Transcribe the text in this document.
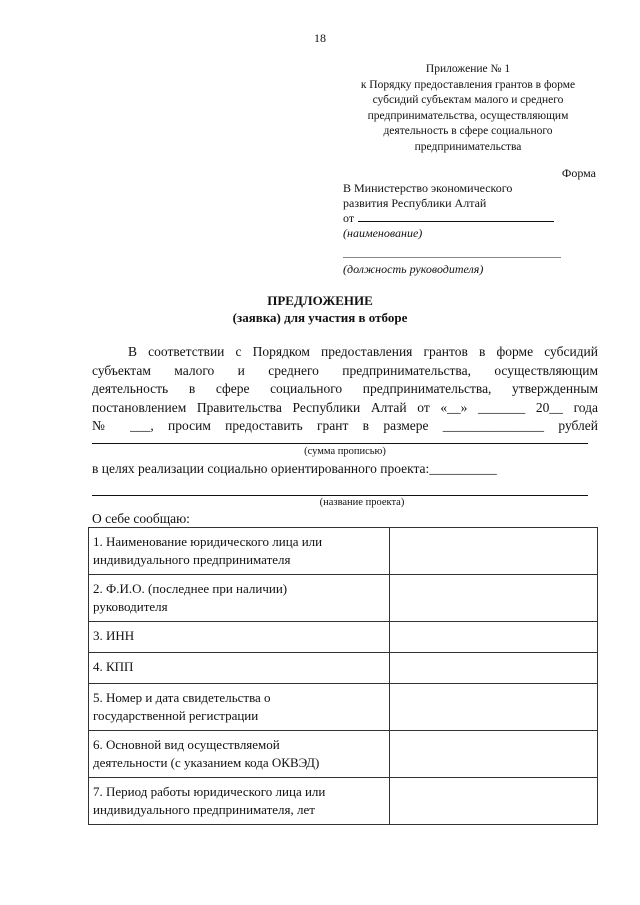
18
Приложение № 1
к Порядку предоставления грантов в форме
субсидий субъектам малого и среднего
предпринимательства, осуществляющим
деятельность в сфере социального
предпринимательства
Форма
В Министерство экономического
развития Республики Алтай
от
(наименование)
(должность руководителя)
ПРЕДЛОЖЕНИЕ
(заявка) для участия в отборе
В соответствии с Порядком предоставления грантов в форме субсидий
субъектам малого и среднего предпринимательства, осуществляющим
деятельность в сфере социального предпринимательства, утвержденным
постановлением Правительства Республики Алтай от «__» _______ 20__ года
№ ___, просим предоставить грант в размере _______________ рублей
(сумма прописью)
в целях реализации социально ориентированного проекта:__________
(название проекта)
О себе сообщаю:
1. Наименование юридического лица или
индивидуального предпринимателя	

2. Ф.И.О. (последнее при наличии)
руководителя	

3. ИНН	

4. КПП	

5. Номер и дата свидетельства о
государственной регистрации	

6. Основной вид осуществляемой
деятельности (с указанием кода ОКВЭД)	

7. Период работы юридического лица или
индивидуального предпринимателя, лет	
